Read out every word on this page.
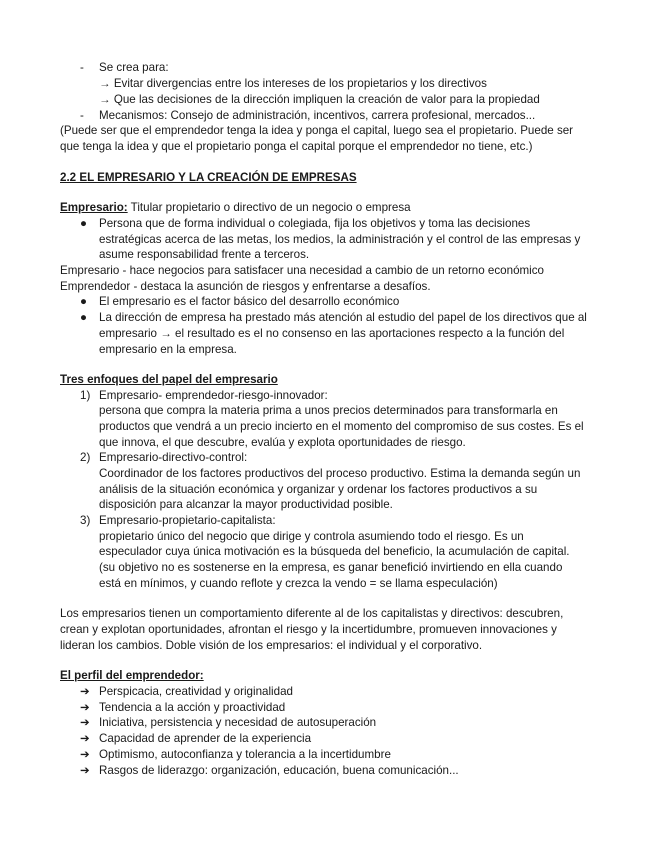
- Se crea para:
→ Evitar divergencias entre los intereses de los propietarios y los directivos
→ Que las decisiones de la dirección impliquen la creación de valor para la propiedad
- Mecanismos: Consejo de administración, incentivos, carrera profesional, mercados...
(Puede ser que el emprendedor tenga la idea y ponga el capital, luego sea el propietario. Puede ser
que tenga la idea y que el propietario ponga el capital porque el emprendedor no tiene, etc.)
2.2 EL EMPRESARIO Y LA CREACIÓN DE EMPRESAS
Empresario: Titular propietario o directivo de un negocio o empresa
● Persona que de forma individual o colegiada, fija los objetivos y toma las decisiones
estratégicas acerca de las metas, los medios, la administración y el control de las empresas y
asume responsabilidad frente a terceros.
Empresario - hace negocios para satisfacer una necesidad a cambio de un retorno económico
Emprendedor - destaca la asunción de riesgos y enfrentarse a desafíos.
● El empresario es el factor básico del desarrollo económico
● La dirección de empresa ha prestado más atención al estudio del papel de los directivos que al
empresario → el resultado es el no consenso en las aportaciones respecto a la función del
empresario en la empresa.
Tres enfoques del papel del empresario
1) Empresario- emprendedor-riesgo-innovador:
persona que compra la materia prima a unos precios determinados para transformarla en
productos que vendrá a un precio incierto en el momento del compromiso de sus costes. Es el
que innova, el que descubre, evalúa y explota oportunidades de riesgo.
2) Empresario-directivo-control:
Coordinador de los factores productivos del proceso productivo. Estima la demanda según un
análisis de la situación económica y organizar y ordenar los factores productivos a su
disposición para alcanzar la mayor productividad posible.
3) Empresario-propietario-capitalista:
propietario único del negocio que dirige y controla asumiendo todo el riesgo. Es un
especulador cuya única motivación es la búsqueda del beneficio, la acumulación de capital.
(su objetivo no es sostenerse en la empresa, es ganar benefició invirtiendo en ella cuando
está en mínimos, y cuando reflote y crezca la vendo = se llama especulación)
Los empresarios tienen un comportamiento diferente al de los capitalistas y directivos: descubren,
crean y explotan oportunidades, afrontan el riesgo y la incertidumbre, promueven innovaciones y
lideran los cambios. Doble visión de los empresarios: el individual y el corporativo.
El perfil del emprendedor:
➔ Perspicacia, creatividad y originalidad
➔ Tendencia a la acción y proactividad
➔ Iniciativa, persistencia y necesidad de autosuperación
➔ Capacidad de aprender de la experiencia
➔ Optimismo, autoconfianza y tolerancia a la incertidumbre
➔ Rasgos de liderazgo: organización, educación, buena comunicación...
